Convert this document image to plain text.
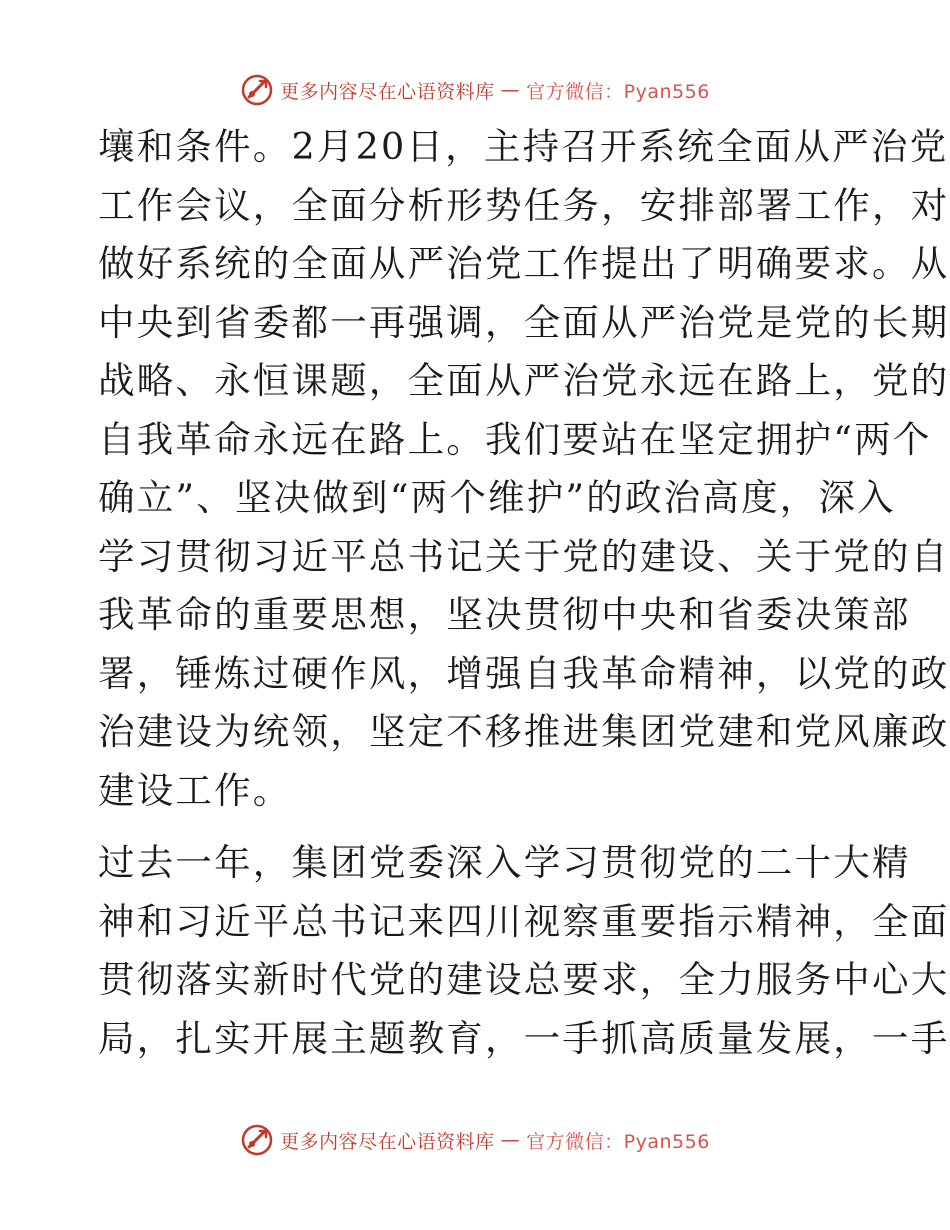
更多内容尽在心语资料库 — 官方微信：Pyan556

壤和条件。2月20日，主持召开系统全面从严治党
工作会议，全面分析形势任务，安排部署工作，对
做好系统的全面从严治党工作提出了明确要求。从
中央到省委都一再强调，全面从严治党是党的长期
战略、永恒课题，全面从严治党永远在路上，党的
自我革命永远在路上。我们要站在坚定拥护“两个
确立”、坚决做到“两个维护”的政治高度，深入
学习贯彻习近平总书记关于党的建设、关于党的自
我革命的重要思想，坚决贯彻中央和省委决策部
署，锤炼过硬作风，增强自我革命精神，以党的政
治建设为统领，坚定不移推进集团党建和党风廉政
建设工作。

过去一年，集团党委深入学习贯彻党的二十大精
神和习近平总书记来四川视察重要指示精神，全面
贯彻落实新时代党的建设总要求，全力服务中心大
局，扎实开展主题教育，一手抓高质量发展，一手

更多内容尽在心语资料库 — 官方微信：Pyan556
